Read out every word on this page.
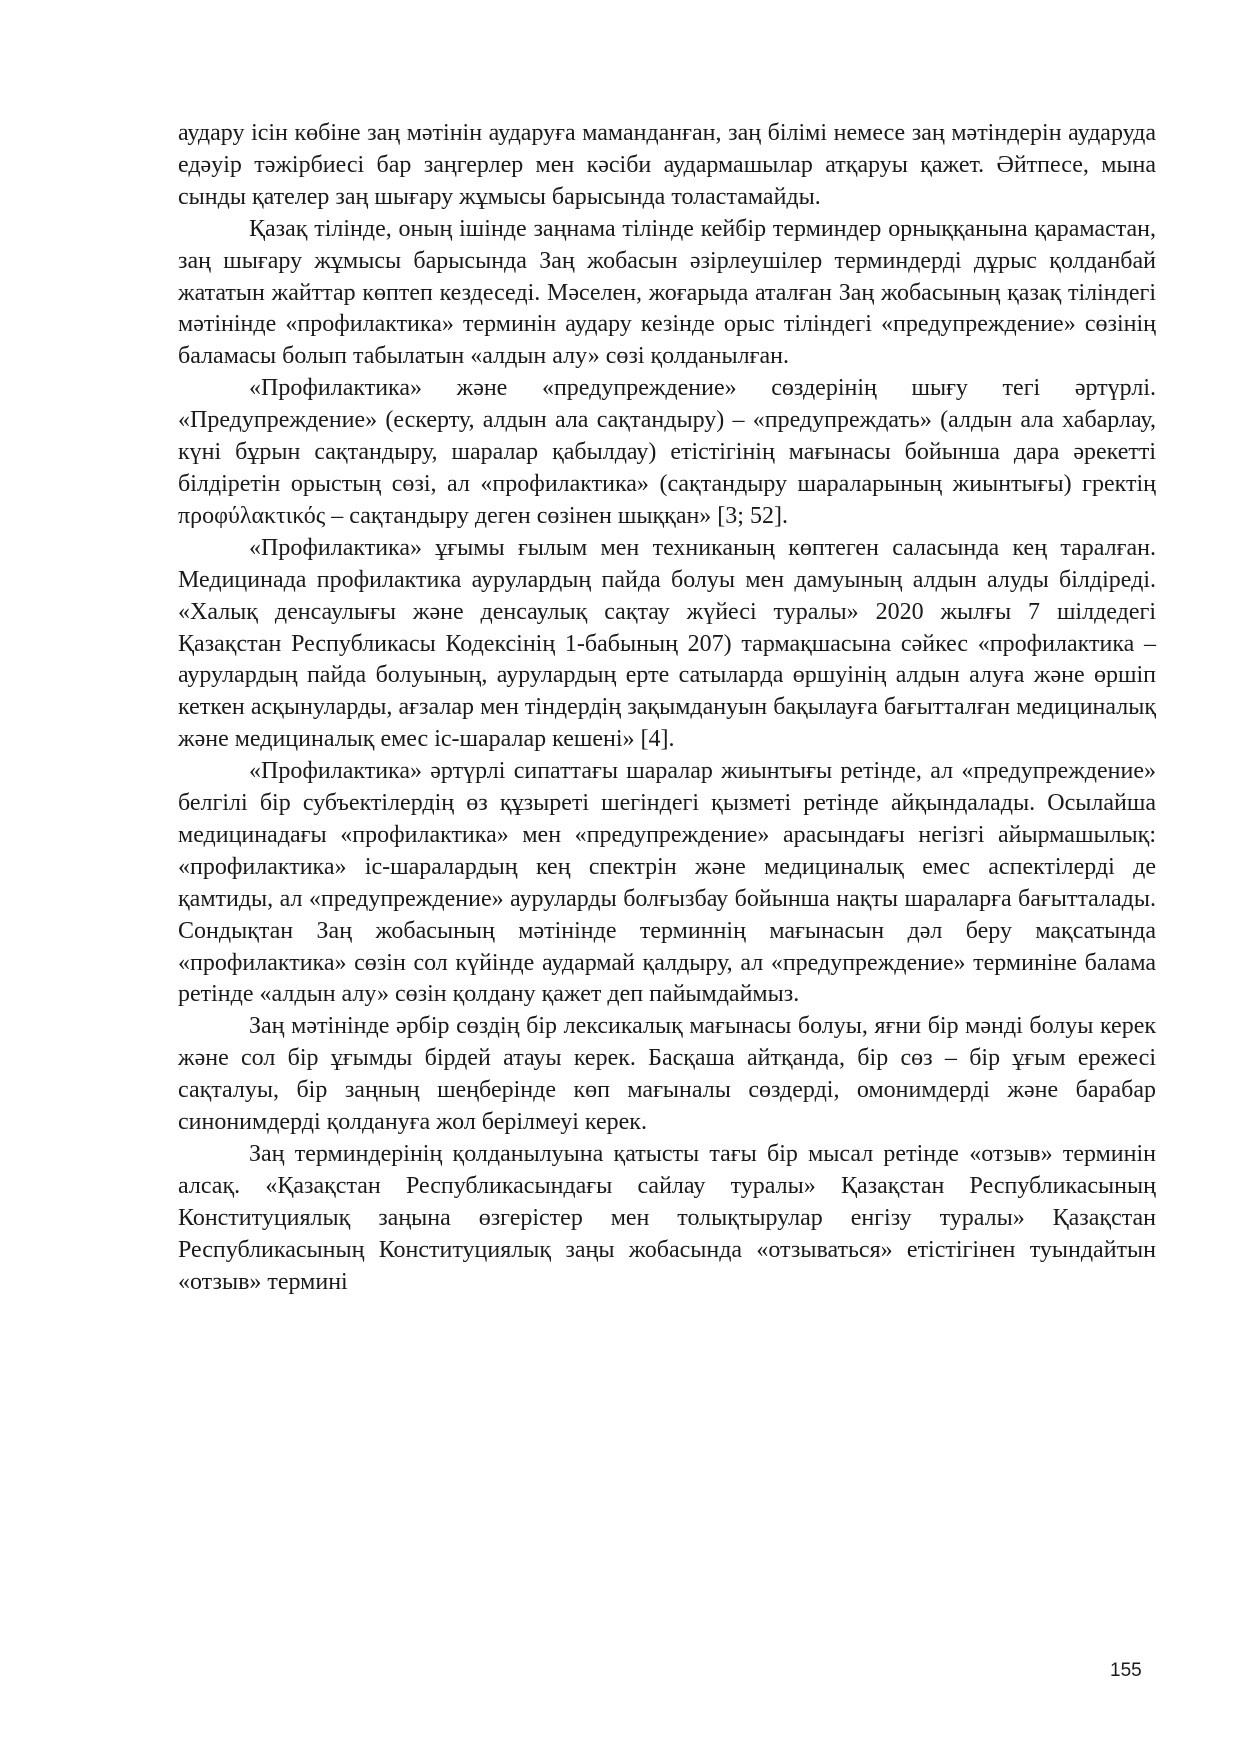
аудару ісін көбіне заң мәтінін аударуға маманданған, заң білімі немесе заң мәтіндерін аударуда едәуір тәжірбиесі бар заңгерлер мен кәсіби аудармашылар атқаруы қажет. Әйтпесе, мына сынды қателер заң шығару жұмысы барысында толастамайды.

Қазақ тілінде, оның ішінде заңнама тілінде кейбір терминдер орныққанына қарамастан, заң шығару жұмысы барысында Заң жобасын әзірлеушілер терминдерді дұрыс қолданбай жататын жайттар көптеп кездеседі. Мәселен, жоғарыда аталған Заң жобасының қазақ тіліндегі мәтінінде «профилактика» терминін аудару кезінде орыс тіліндегі «предупреждение» сөзінің баламасы болып табылатын «алдын алу» сөзі қолданылған.

«Профилактика» және «предупреждение» сөздерінің шығу тегі әртүрлі. «Предупреждение» (ескерту, алдын ала сақтандыру) – «предупреждать» (алдын ала хабарлау, күні бұрын сақтандыру, шаралар қабылдау) етістігінің мағынасы бойынша дара әрекетті білдіретін орыстың сөзі, ал «профилактика» (сақтандыру шараларының жиынтығы) гректің προφύλακτικός – сақтандыру деген сөзінен шыққан» [3; 52].

«Профилактика» ұғымы ғылым мен техниканың көптеген саласында кең таралған. Медицинада профилактика аурулардың пайда болуы мен дамуының алдын алуды білдіреді. «Халық денсаулығы және денсаулық сақтау жүйесі туралы» 2020 жылғы 7 шілдедегі Қазақстан Республикасы Кодексінің 1-бабының 207) тармақшасына сәйкес «профилактика – аурулардың пайда болуының, аурулардың ерте сатыларда өршуінің алдын алуға және өршіп кеткен асқынуларды, ағзалар мен тіндердің зақымдануын бақылауға бағытталған медициналық және медициналық емес іс-шаралар кешені» [4].

«Профилактика» әртүрлі сипаттағы шаралар жиынтығы ретінде, ал «предупреждение» белгілі бір субъектілердің өз құзыреті шегіндегі қызметі ретінде айқындалады. Осылайша медицинадағы «профилактика» мен «предупреждение» арасындағы негізгі айырмашылық: «профилактика» іс-шаралардың кең спектрін және медициналық емес аспектілерді де қамтиды, ал «предупреждение» ауруларды болғызбау бойынша нақты шараларға бағытталады. Сондықтан Заң жобасының мәтінінде терминнің мағынасын дәл беру мақсатында «профилактика» сөзін сол күйінде аудармай қалдыру, ал «предупреждение» терминіне балама ретінде «алдын алу» сөзін қолдану қажет деп пайымдаймыз.

Заң мәтінінде әрбір сөздің бір лексикалық мағынасы болуы, яғни бір мәнді болуы керек және сол бір ұғымды бірдей атауы керек. Басқаша айтқанда, бір сөз – бір ұғым ережесі сақталуы, бір заңның шеңберінде көп мағыналы сөздерді, омонимдерді және барабар синонимдерді қолдануға жол берілмеуі керек.

Заң терминдерінің қолданылуына қатысты тағы бір мысал ретінде «отзыв» терминін алсақ. «Қазақстан Республикасындағы сайлау туралы» Қазақстан Республикасының Конституциялық заңына өзгерістер мен толықтырулар енгізу туралы» Қазақстан Республикасының Конституциялық заңы жобасында «отзываться» етістігінен туындайтын «отзыв» термині

155
